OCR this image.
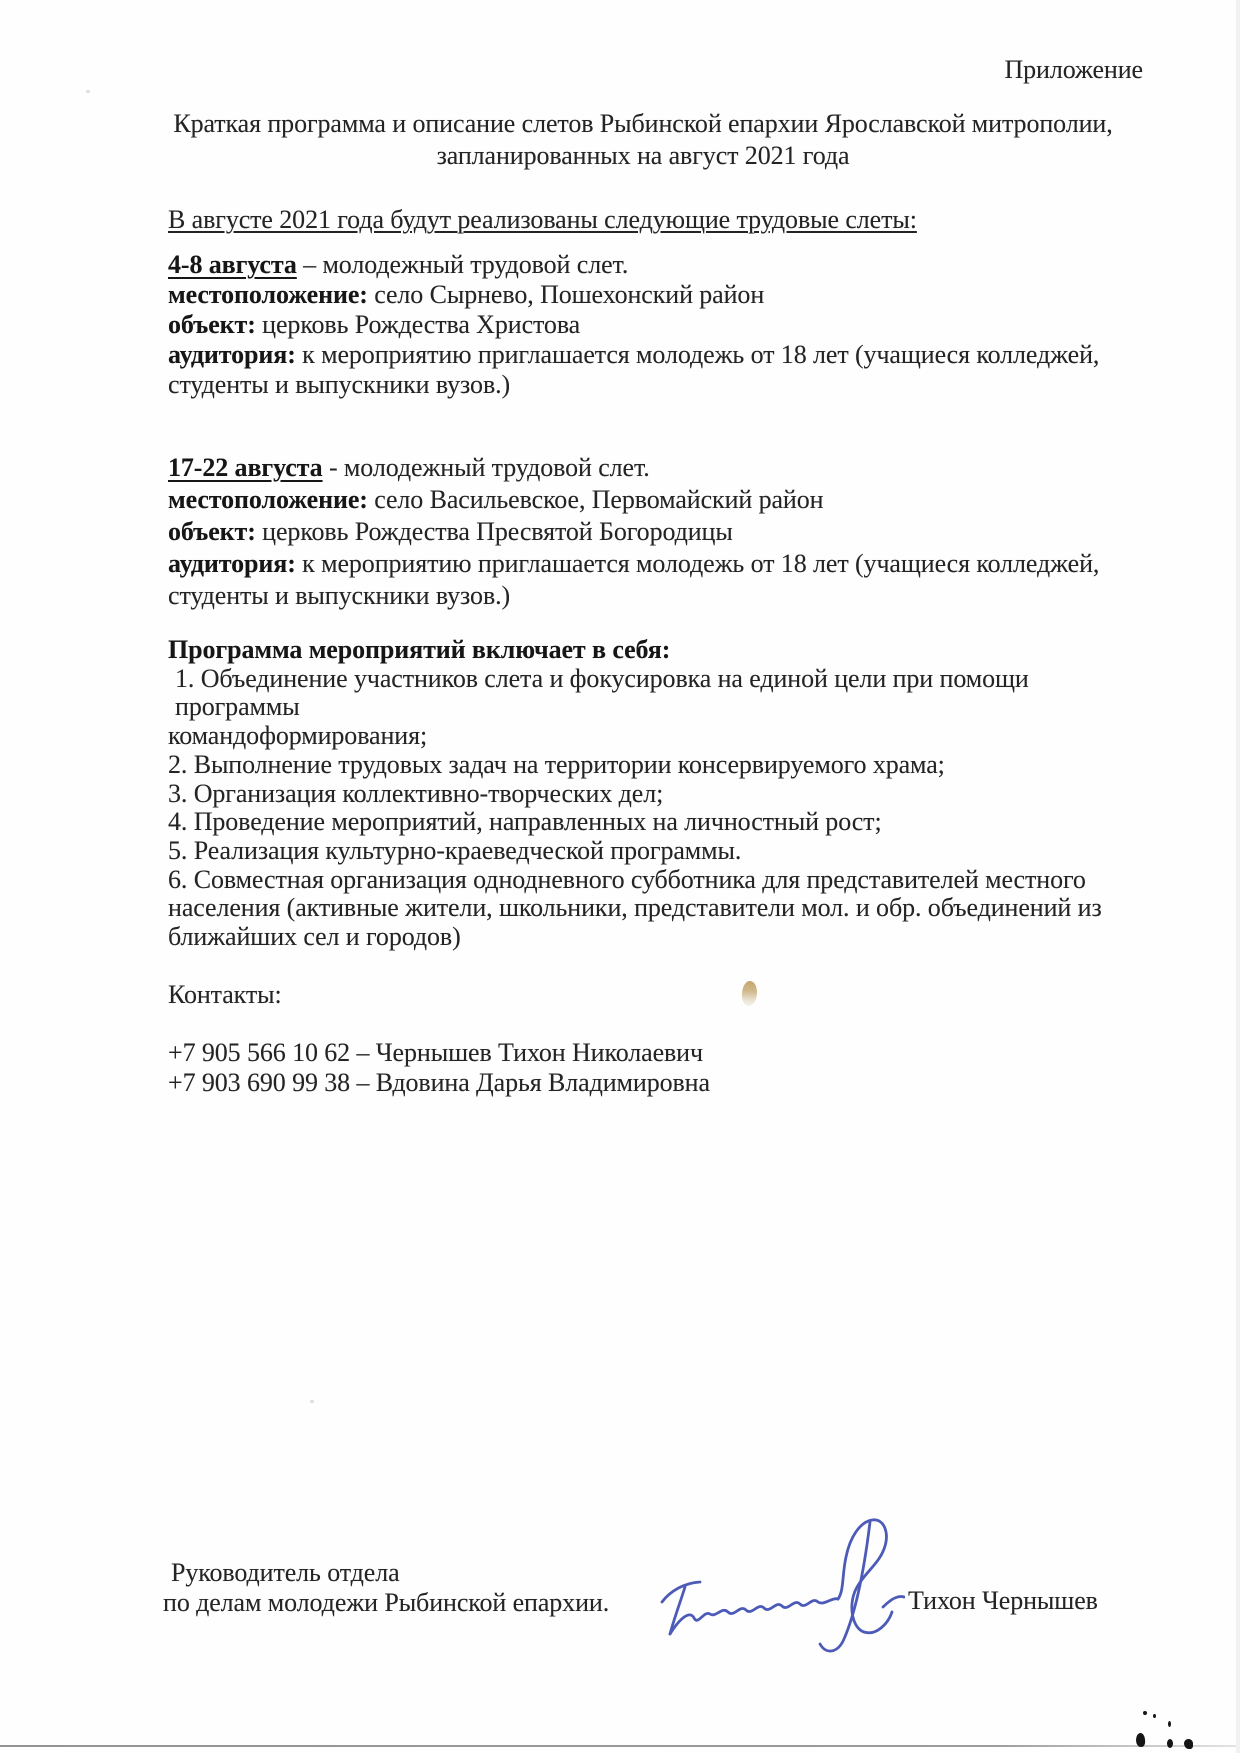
Приложение
Краткая программа и описание слетов Рыбинской епархии Ярославской митрополии,
запланированных на август 2021 года
В августе 2021 года будут реализованы следующие трудовые слеты:
4-8 августа – молодежный трудовой слет.
местоположение: село Сырнево, Пошехонский район
объект: церковь Рождества Христова
аудитория: к мероприятию приглашается молодежь от 18 лет (учащиеся колледжей,
студенты и выпускники вузов.)
17-22 августа - молодежный трудовой слет.
местоположение: село Васильевское, Первомайский район
объект: церковь Рождества Пресвятой Богородицы
аудитория: к мероприятию приглашается молодежь от 18 лет (учащиеся колледжей,
студенты и выпускники вузов.)
Программа мероприятий включает в себя:
1. Объединение участников слета и фокусировка на единой цели при помощи программы
командоформирования;
2. Выполнение трудовых задач на территории консервируемого храма;
3. Организация коллективно-творческих дел;
4. Проведение мероприятий, направленных на личностный рост;
5. Реализация культурно-краеведческой программы.
6. Совместная организация однодневного субботника для представителей местного
населения (активные жители, школьники, представители мол. и обр. объединений из
ближайших сел и городов)
Контакты:
+7 905 566 10 62 – Чернышев Тихон Николаевич
+7 903 690 99 38 – Вдовина Дарья Владимировна
Руководитель отдела
по делам молодежи Рыбинской епархии.	Тихон Чернышев
